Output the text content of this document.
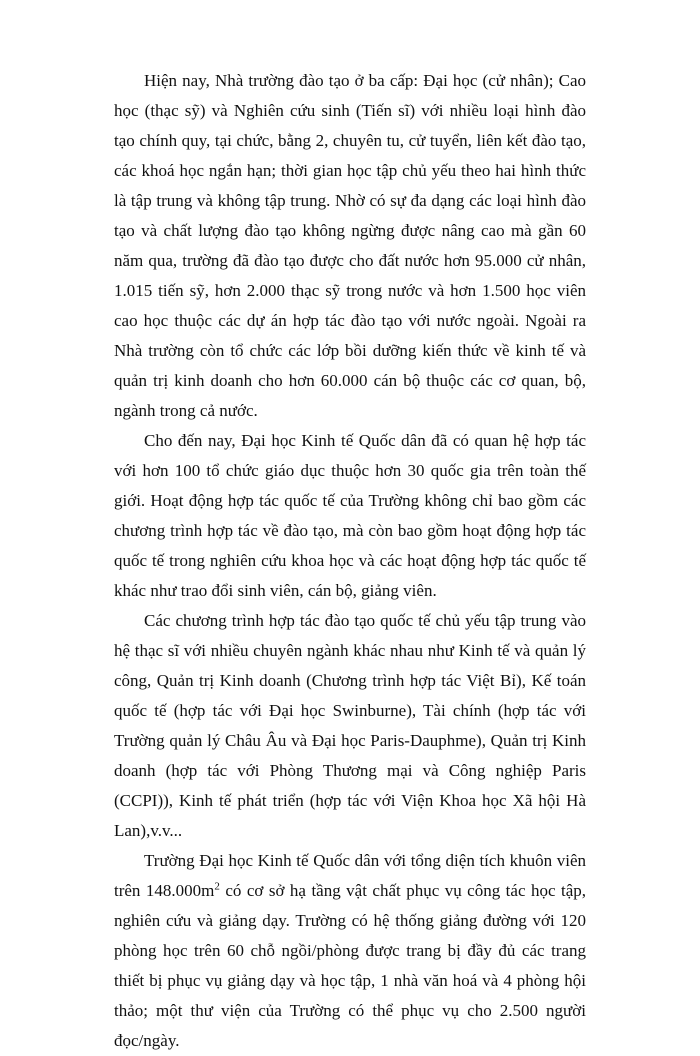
Hiện nay, Nhà trường đào tạo ở ba cấp: Đại học (cử nhân); Cao học (thạc sỹ) và Nghiên cứu sinh (Tiến sĩ) với nhiều loại hình đào tạo chính quy, tại chức, bằng 2, chuyên tu, cử tuyển, liên kết đào tạo, các khoá học ngắn hạn; thời gian học tập chủ yếu theo hai hình thức là tập trung và không tập trung. Nhờ có sự đa dạng các loại hình đào tạo và chất lượng đào tạo không ngừng được nâng cao mà gần 60 năm qua, trường đã đào tạo được cho đất nước hơn 95.000 cử nhân, 1.015 tiến sỹ, hơn 2.000 thạc sỹ trong nước và hơn 1.500 học viên cao học thuộc các dự án hợp tác đào tạo với nước ngoài. Ngoài ra Nhà trường còn tổ chức các lớp bồi dưỡng kiến thức về kinh tế và quản trị kinh doanh cho hơn 60.000 cán bộ thuộc các cơ quan, bộ, ngành trong cả nước.

Cho đến nay, Đại học Kinh tế Quốc dân đã có quan hệ hợp tác với hơn 100 tổ chức giáo dục thuộc hơn 30 quốc gia trên toàn thế giới. Hoạt động hợp tác quốc tế của Trường không chỉ bao gồm các chương trình hợp tác về đào tạo, mà còn bao gồm hoạt động hợp tác quốc tế trong nghiên cứu khoa học và các hoạt động hợp tác quốc tế khác như trao đổi sinh viên, cán bộ, giảng viên.

Các chương trình hợp tác đào tạo quốc tế chủ yếu tập trung vào hệ thạc sĩ với nhiều chuyên ngành khác nhau như Kinh tế và quản lý công, Quản trị Kinh doanh (Chương trình hợp tác Việt Bỉ), Kế toán quốc tế (hợp tác với Đại học Swinburne), Tài chính (hợp tác với Trường quản lý Châu Âu và Đại học Paris-Dauphme), Quản trị Kinh doanh (hợp tác với Phòng Thương mại và Công nghiệp Paris (CCPI)), Kinh tế phát triển (hợp tác với Viện Khoa học Xã hội Hà Lan),v.v...

Trường Đại học Kinh tế Quốc dân với tổng diện tích khuôn viên trên $148.000m^2$ có cơ sở hạ tầng vật chất phục vụ công tác học tập, nghiên cứu và giảng dạy. Trường có hệ thống giảng đường với 120 phòng học trên 60 chỗ ngồi/phòng được trang bị đầy đủ các trang thiết bị phục vụ giảng dạy và học tập, 1 nhà văn hoá và 4 phòng hội thảo; một thư viện của Trường có thể phục vụ cho 2.500 người đọc/ngày.
